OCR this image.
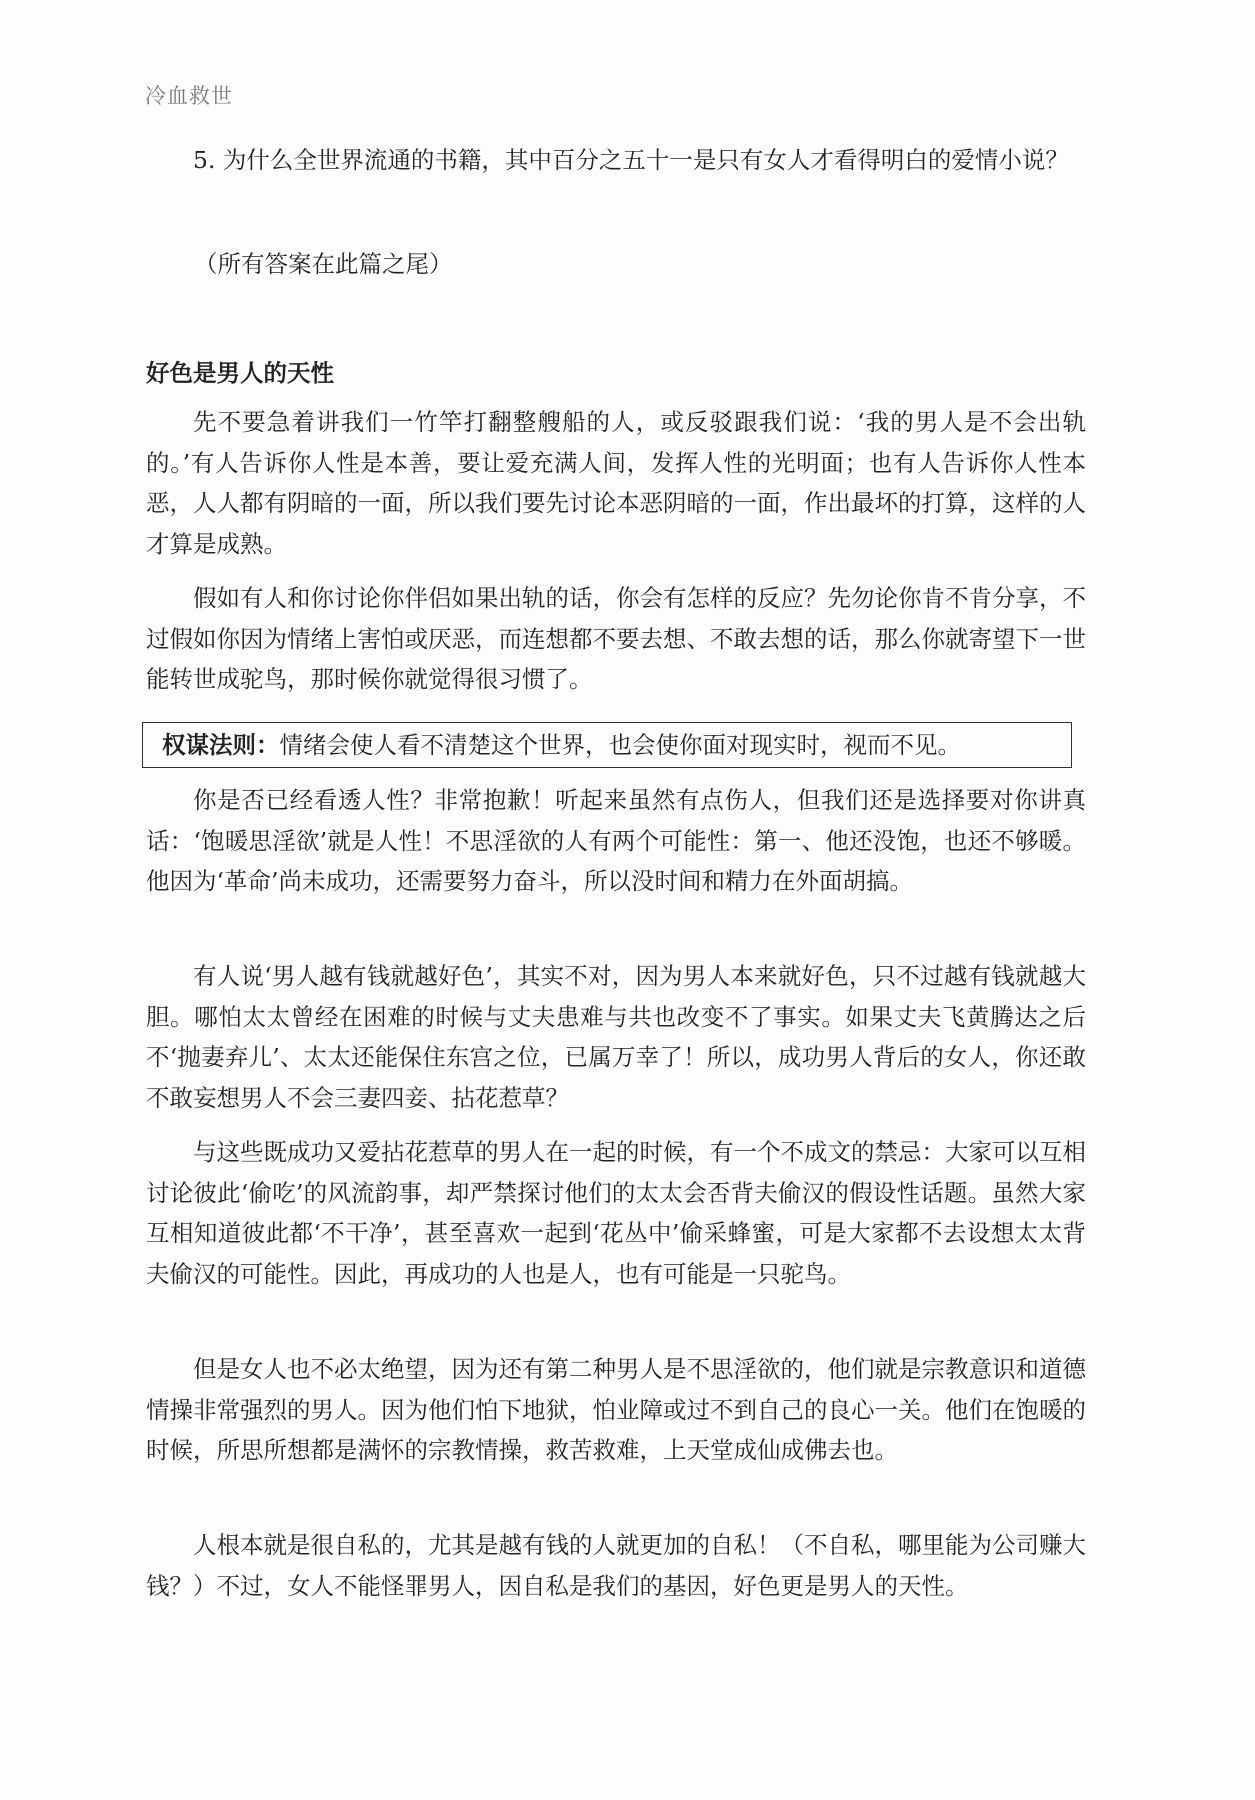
冷血救世
5. 为什么全世界流通的书籍，其中百分之五十一是只有女人才看得明白的爱情小说？
（所有答案在此篇之尾）
好色是男人的天性
先不要急着讲我们一竹竿打翻整艘船的人，或反驳跟我们说：‘我的男人是不会出轨的。’有人告诉你人性是本善，要让爱充满人间，发挥人性的光明面；也有人告诉你人性本恶，人人都有阴暗的一面，所以我们要先讨论本恶阴暗的一面，作出最坏的打算，这样的人才算是成熟。
假如有人和你讨论你伴侣如果出轨的话，你会有怎样的反应？先勿论你肯不肯分享，不过假如你因为情绪上害怕或厌恶，而连想都不要去想、不敢去想的话，那么你就寄望下一世能转世成驼鸟，那时候你就觉得很习惯了。
权谋法则：情绪会使人看不清楚这个世界，也会使你面对现实时，视而不见。
你是否已经看透人性？非常抱歉！听起来虽然有点伤人，但我们还是选择要对你讲真话：‘饱暖思淫欲’就是人性！不思淫欲的人有两个可能性：第一、他还没饱，也还不够暖。他因为‘革命’尚未成功，还需要努力奋斗，所以没时间和精力在外面胡搞。
有人说‘男人越有钱就越好色’，其实不对，因为男人本来就好色，只不过越有钱就越大胆。哪怕太太曾经在困难的时候与丈夫患难与共也改变不了事实。如果丈夫飞黄腾达之后不‘抛妻弃儿’、太太还能保住东宫之位，已属万幸了！所以，成功男人背后的女人，你还敢不敢妄想男人不会三妻四妾、拈花惹草？
与这些既成功又爱拈花惹草的男人在一起的时候，有一个不成文的禁忌：大家可以互相讨论彼此‘偷吃’的风流韵事，却严禁探讨他们的太太会否背夫偷汉的假设性话题。虽然大家互相知道彼此都‘不干净’，甚至喜欢一起到‘花丛中’偷采蜂蜜，可是大家都不去设想太太背夫偷汉的可能性。因此，再成功的人也是人，也有可能是一只驼鸟。
但是女人也不必太绝望，因为还有第二种男人是不思淫欲的，他们就是宗教意识和道德情操非常强烈的男人。因为他们怕下地狱，怕业障或过不到自己的良心一关。他们在饱暖的时候，所思所想都是满怀的宗教情操，救苦救难，上天堂成仙成佛去也。
人根本就是很自私的，尤其是越有钱的人就更加的自私！（不自私，哪里能为公司赚大钱？）不过，女人不能怪罪男人，因自私是我们的基因，好色更是男人的天性。
